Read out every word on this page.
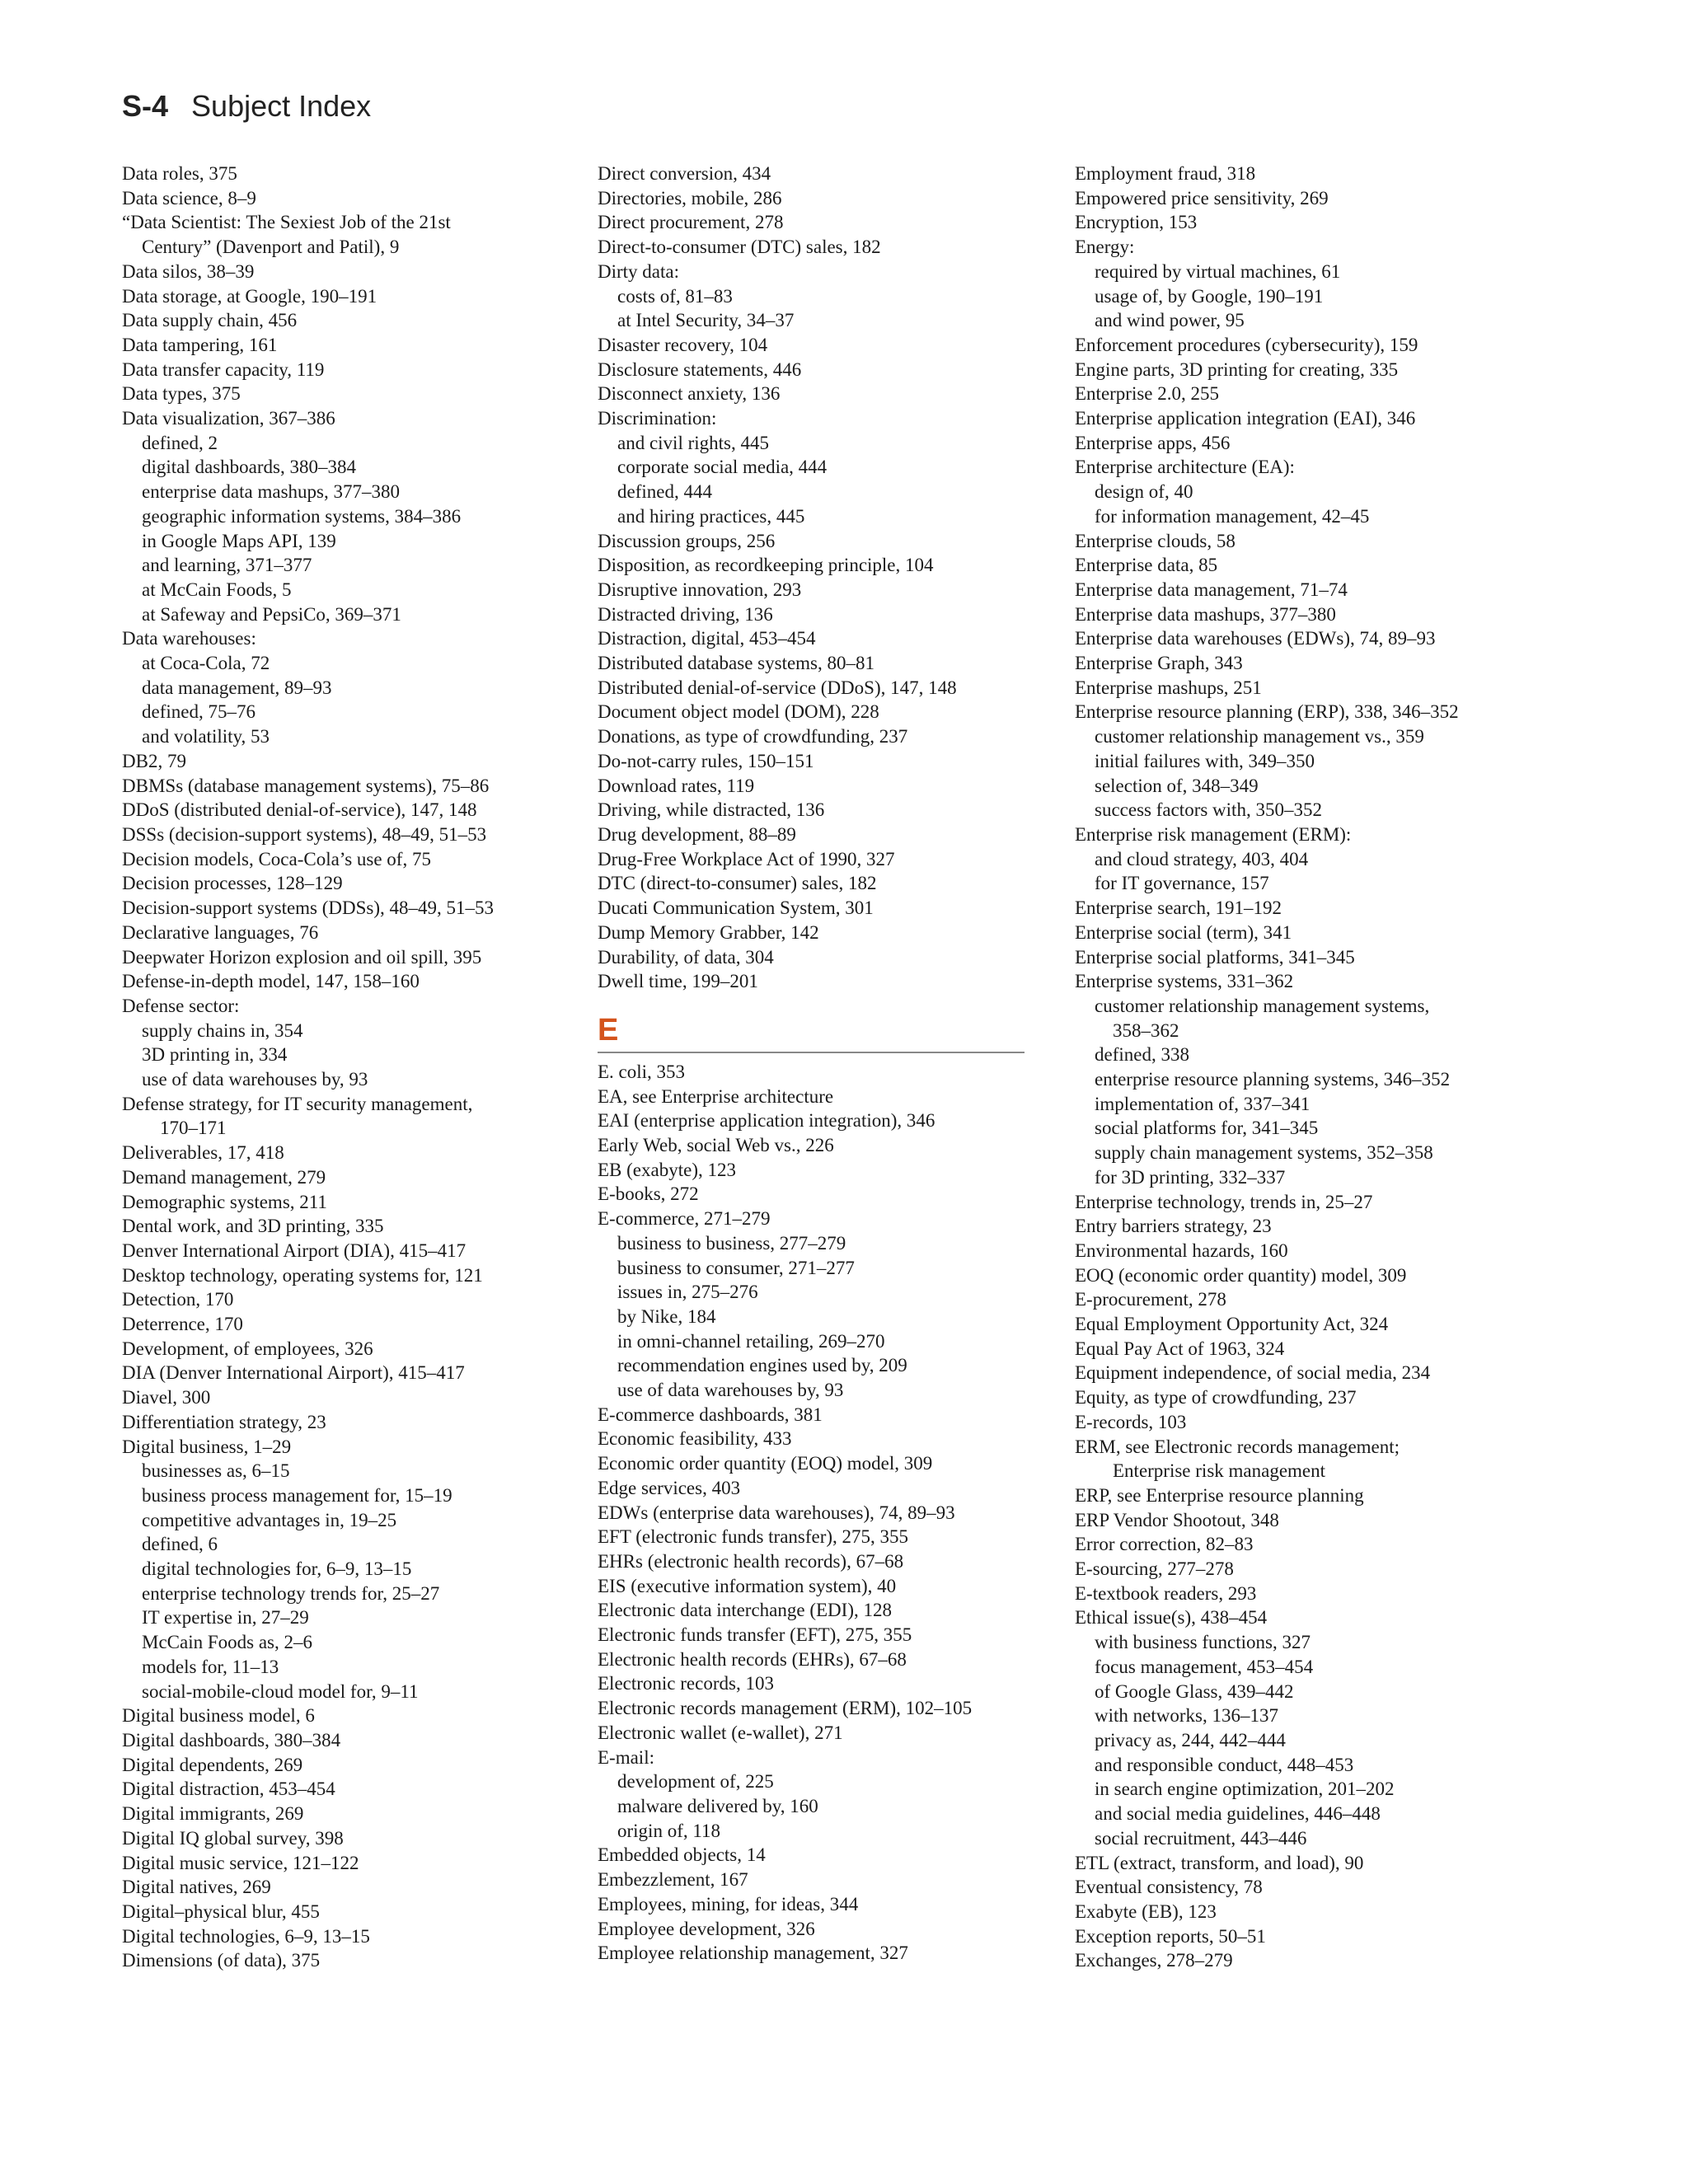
S-4 Subject Index
Data roles, 375
Data science, 8–9
“Data Scientist: The Sexiest Job of the 21st
Century” (Davenport and Patil), 9
Data silos, 38–39
Data storage, at Google, 190–191
Data supply chain, 456
Data tampering, 161
Data transfer capacity, 119
Data types, 375
Data visualization, 367–386
defined, 2
digital dashboards, 380–384
enterprise data mashups, 377–380
geographic information systems, 384–386
in Google Maps API, 139
and learning, 371–377
at McCain Foods, 5
at Safeway and PepsiCo, 369–371
Data warehouses:
at Coca-Cola, 72
data management, 89–93
defined, 75–76
and volatility, 53
DB2, 79
DBMSs (database management systems), 75–86
DDoS (distributed denial-of-service), 147, 148
DSSs (decision-support systems), 48–49, 51–53
Decision models, Coca-Cola’s use of, 75
Decision processes, 128–129
Decision-support systems (DDSs), 48–49, 51–53
Declarative languages, 76
Deepwater Horizon explosion and oil spill, 395
Defense-in-depth model, 147, 158–160
Defense sector:
supply chains in, 354
3D printing in, 334
use of data warehouses by, 93
Defense strategy, for IT security management,
170–171
Deliverables, 17, 418
Demand management, 279
Demographic systems, 211
Dental work, and 3D printing, 335
Denver International Airport (DIA), 415–417
Desktop technology, operating systems for, 121
Detection, 170
Deterrence, 170
Development, of employees, 326
DIA (Denver International Airport), 415–417
Diavel, 300
Differentiation strategy, 23
Digital business, 1–29
businesses as, 6–15
business process management for, 15–19
competitive advantages in, 19–25
defined, 6
digital technologies for, 6–9, 13–15
enterprise technology trends for, 25–27
IT expertise in, 27–29
McCain Foods as, 2–6
models for, 11–13
social-mobile-cloud model for, 9–11
Digital business model, 6
Digital dashboards, 380–384
Digital dependents, 269
Digital distraction, 453–454
Digital immigrants, 269
Digital IQ global survey, 398
Digital music service, 121–122
Digital natives, 269
Digital–physical blur, 455
Digital technologies, 6–9, 13–15
Dimensions (of data), 375
Direct conversion, 434
Directories, mobile, 286
Direct procurement, 278
Direct-to-consumer (DTC) sales, 182
Dirty data:
costs of, 81–83
at Intel Security, 34–37
Disaster recovery, 104
Disclosure statements, 446
Disconnect anxiety, 136
Discrimination:
and civil rights, 445
corporate social media, 444
defined, 444
and hiring practices, 445
Discussion groups, 256
Disposition, as recordkeeping principle, 104
Disruptive innovation, 293
Distracted driving, 136
Distraction, digital, 453–454
Distributed database systems, 80–81
Distributed denial-of-service (DDoS), 147, 148
Document object model (DOM), 228
Donations, as type of crowdfunding, 237
Do-not-carry rules, 150–151
Download rates, 119
Driving, while distracted, 136
Drug development, 88–89
Drug-Free Workplace Act of 1990, 327
DTC (direct-to-consumer) sales, 182
Ducati Communication System, 301
Dump Memory Grabber, 142
Durability, of data, 304
Dwell time, 199–201
E
E. coli, 353
EA, see Enterprise architecture
EAI (enterprise application integration), 346
Early Web, social Web vs., 226
EB (exabyte), 123
E-books, 272
E-commerce, 271–279
business to business, 277–279
business to consumer, 271–277
issues in, 275–276
by Nike, 184
in omni-channel retailing, 269–270
recommendation engines used by, 209
use of data warehouses by, 93
E-commerce dashboards, 381
Economic feasibility, 433
Economic order quantity (EOQ) model, 309
Edge services, 403
EDWs (enterprise data warehouses), 74, 89–93
EFT (electronic funds transfer), 275, 355
EHRs (electronic health records), 67–68
EIS (executive information system), 40
Electronic data interchange (EDI), 128
Electronic funds transfer (EFT), 275, 355
Electronic health records (EHRs), 67–68
Electronic records, 103
Electronic records management (ERM), 102–105
Electronic wallet (e-wallet), 271
E-mail:
development of, 225
malware delivered by, 160
origin of, 118
Embedded objects, 14
Embezzlement, 167
Employees, mining, for ideas, 344
Employee development, 326
Employee relationship management, 327
Employment fraud, 318
Empowered price sensitivity, 269
Encryption, 153
Energy:
required by virtual machines, 61
usage of, by Google, 190–191
and wind power, 95
Enforcement procedures (cybersecurity), 159
Engine parts, 3D printing for creating, 335
Enterprise 2.0, 255
Enterprise application integration (EAI), 346
Enterprise apps, 456
Enterprise architecture (EA):
design of, 40
for information management, 42–45
Enterprise clouds, 58
Enterprise data, 85
Enterprise data management, 71–74
Enterprise data mashups, 377–380
Enterprise data warehouses (EDWs), 74, 89–93
Enterprise Graph, 343
Enterprise mashups, 251
Enterprise resource planning (ERP), 338, 346–352
customer relationship management vs., 359
initial failures with, 349–350
selection of, 348–349
success factors with, 350–352
Enterprise risk management (ERM):
and cloud strategy, 403, 404
for IT governance, 157
Enterprise search, 191–192
Enterprise social (term), 341
Enterprise social platforms, 341–345
Enterprise systems, 331–362
customer relationship management systems,
358–362
defined, 338
enterprise resource planning systems, 346–352
implementation of, 337–341
social platforms for, 341–345
supply chain management systems, 352–358
for 3D printing, 332–337
Enterprise technology, trends in, 25–27
Entry barriers strategy, 23
Environmental hazards, 160
EOQ (economic order quantity) model, 309
E-procurement, 278
Equal Employment Opportunity Act, 324
Equal Pay Act of 1963, 324
Equipment independence, of social media, 234
Equity, as type of crowdfunding, 237
E-records, 103
ERM, see Electronic records management;
Enterprise risk management
ERP, see Enterprise resource planning
ERP Vendor Shootout, 348
Error correction, 82–83
E-sourcing, 277–278
E-textbook readers, 293
Ethical issue(s), 438–454
with business functions, 327
focus management, 453–454
of Google Glass, 439–442
with networks, 136–137
privacy as, 244, 442–444
and responsible conduct, 448–453
in search engine optimization, 201–202
and social media guidelines, 446–448
social recruitment, 443–446
ETL (extract, transform, and load), 90
Eventual consistency, 78
Exabyte (EB), 123
Exception reports, 50–51
Exchanges, 278–279
